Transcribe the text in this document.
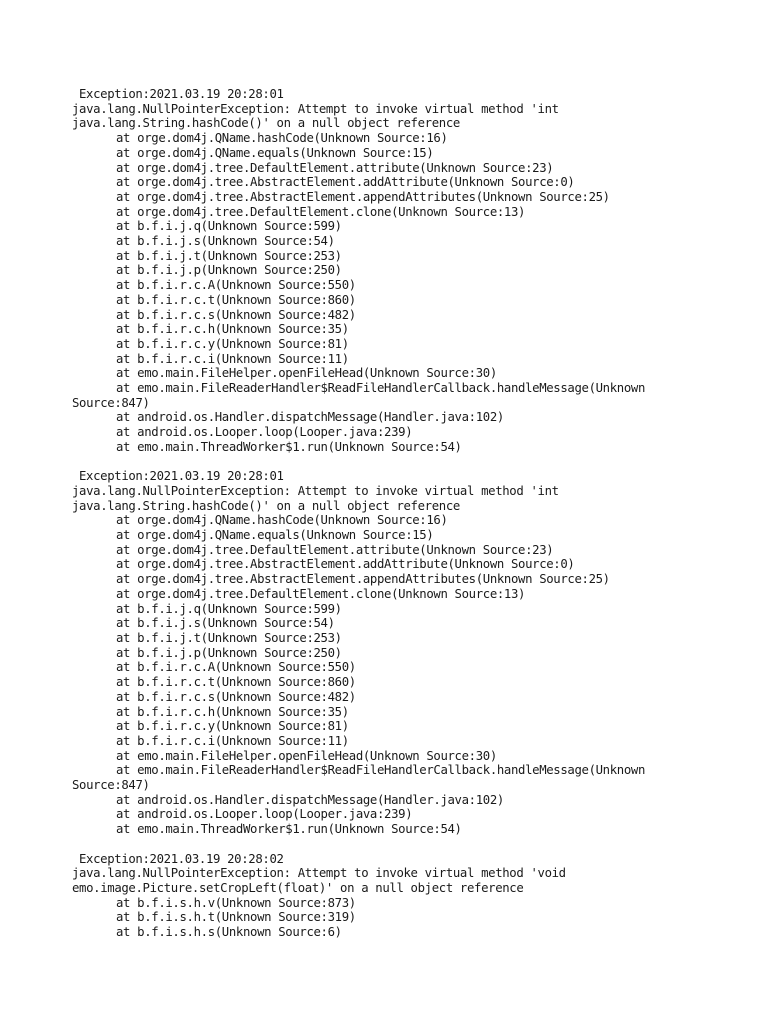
Exception:2021.03.19 20:28:01
java.lang.NullPointerException: Attempt to invoke virtual method 'int
java.lang.String.hashCode()' on a null object reference
at orge.dom4j.QName.hashCode(Unknown Source:16)
at orge.dom4j.QName.equals(Unknown Source:15)
at orge.dom4j.tree.DefaultElement.attribute(Unknown Source:23)
at orge.dom4j.tree.AbstractElement.addAttribute(Unknown Source:0)
at orge.dom4j.tree.AbstractElement.appendAttributes(Unknown Source:25)
at orge.dom4j.tree.DefaultElement.clone(Unknown Source:13)
at b.f.i.j.q(Unknown Source:599)
at b.f.i.j.s(Unknown Source:54)
at b.f.i.j.t(Unknown Source:253)
at b.f.i.j.p(Unknown Source:250)
at b.f.i.r.c.A(Unknown Source:550)
at b.f.i.r.c.t(Unknown Source:860)
at b.f.i.r.c.s(Unknown Source:482)
at b.f.i.r.c.h(Unknown Source:35)
at b.f.i.r.c.y(Unknown Source:81)
at b.f.i.r.c.i(Unknown Source:11)
at emo.main.FileHelper.openFileHead(Unknown Source:30)
at emo.main.FileReaderHandler$ReadFileHandlerCallback.handleMessage(Unknown
Source:847)
at android.os.Handler.dispatchMessage(Handler.java:102)
at android.os.Looper.loop(Looper.java:239)
at emo.main.ThreadWorker$1.run(Unknown Source:54)
Exception:2021.03.19 20:28:01
java.lang.NullPointerException: Attempt to invoke virtual method 'int
java.lang.String.hashCode()' on a null object reference
at orge.dom4j.QName.hashCode(Unknown Source:16)
at orge.dom4j.QName.equals(Unknown Source:15)
at orge.dom4j.tree.DefaultElement.attribute(Unknown Source:23)
at orge.dom4j.tree.AbstractElement.addAttribute(Unknown Source:0)
at orge.dom4j.tree.AbstractElement.appendAttributes(Unknown Source:25)
at orge.dom4j.tree.DefaultElement.clone(Unknown Source:13)
at b.f.i.j.q(Unknown Source:599)
at b.f.i.j.s(Unknown Source:54)
at b.f.i.j.t(Unknown Source:253)
at b.f.i.j.p(Unknown Source:250)
at b.f.i.r.c.A(Unknown Source:550)
at b.f.i.r.c.t(Unknown Source:860)
at b.f.i.r.c.s(Unknown Source:482)
at b.f.i.r.c.h(Unknown Source:35)
at b.f.i.r.c.y(Unknown Source:81)
at b.f.i.r.c.i(Unknown Source:11)
at emo.main.FileHelper.openFileHead(Unknown Source:30)
at emo.main.FileReaderHandler$ReadFileHandlerCallback.handleMessage(Unknown
Source:847)
at android.os.Handler.dispatchMessage(Handler.java:102)
at android.os.Looper.loop(Looper.java:239)
at emo.main.ThreadWorker$1.run(Unknown Source:54)
Exception:2021.03.19 20:28:02
java.lang.NullPointerException: Attempt to invoke virtual method 'void
emo.image.Picture.setCropLeft(float)' on a null object reference
at b.f.i.s.h.v(Unknown Source:873)
at b.f.i.s.h.t(Unknown Source:319)
at b.f.i.s.h.s(Unknown Source:6)
